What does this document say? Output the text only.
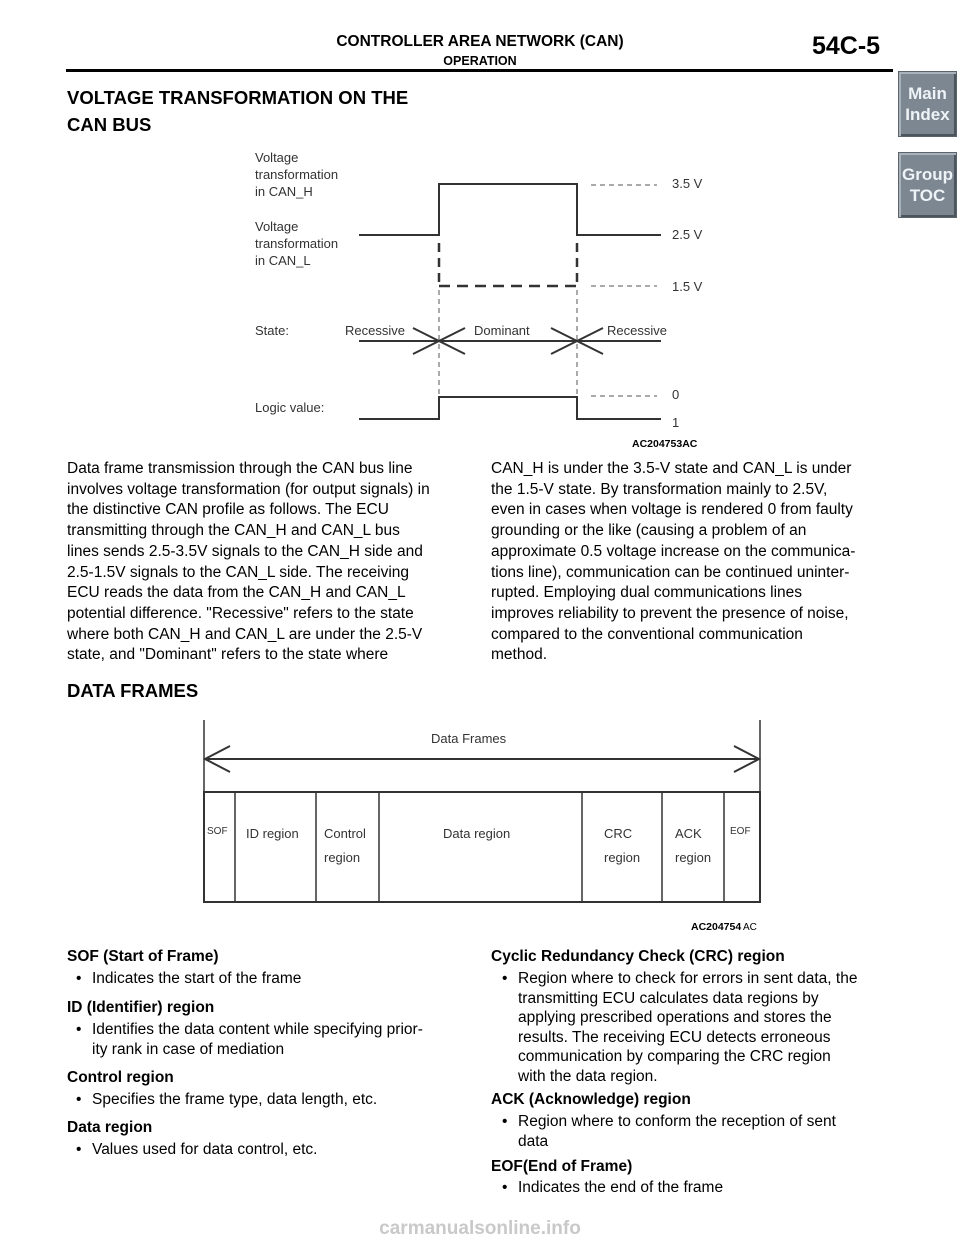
CONTROLLER AREA NETWORK (CAN)
OPERATION
54C-5
Main
Index
Group
TOC
VOLTAGE TRANSFORMATION ON THE
CAN BUS
Voltage
transformation
in CAN_H
Voltage
transformation
in CAN_L
3.5 V
2.5 V
1.5 V
State:	Recessive	Dominant	Recessive
Logic value:
0
1
AC204753AC
Data frame transmission through the CAN bus line
involves voltage transformation (for output signals) in
the distinctive CAN profile as follows. The ECU
transmitting through the CAN_H and CAN_L bus
lines sends 2.5-3.5V signals to the CAN_H side and
2.5-1.5V signals to the CAN_L side. The receiving
ECU reads the data from the CAN_H and CAN_L
potential difference. "Recessive" refers to the state
where both CAN_H and CAN_L are under the 2.5-V
state, and "Dominant" refers to the state where
CAN_H is under the 3.5-V state and CAN_L is under
the 1.5-V state. By transformation mainly to 2.5V,
even in cases when voltage is rendered 0 from faulty
grounding or the like (causing a problem of an
approximate 0.5 voltage increase on the communica-
tions line), communication can be continued uninter-
rupted. Employing dual communications lines
improves reliability to prevent the presence of noise,
compared to the conventional communication
method.
DATA FRAMES
Data Frames
SOF ID region Control
region
Data region	CRC
region
ACK
region
EOF
AC204754 AC
SOF (Start of Frame)
• Indicates the start of the frame
ID (Identifier) region
• Identifies the data content while specifying prior-
ity rank in case of mediation
Control region
• Specifies the frame type, data length, etc.
Data region
• Values used for data control, etc.
Cyclic Redundancy Check (CRC) region
• Region where to check for errors in sent data, the
transmitting ECU calculates data regions by
applying prescribed operations and stores the
results. The receiving ECU detects erroneous
communication by comparing the CRC region
with the data region.
ACK (Acknowledge) region
• Region where to conform the reception of sent
data
EOF(End of Frame)
• Indicates the end of the frame
carmanualsonline.info
